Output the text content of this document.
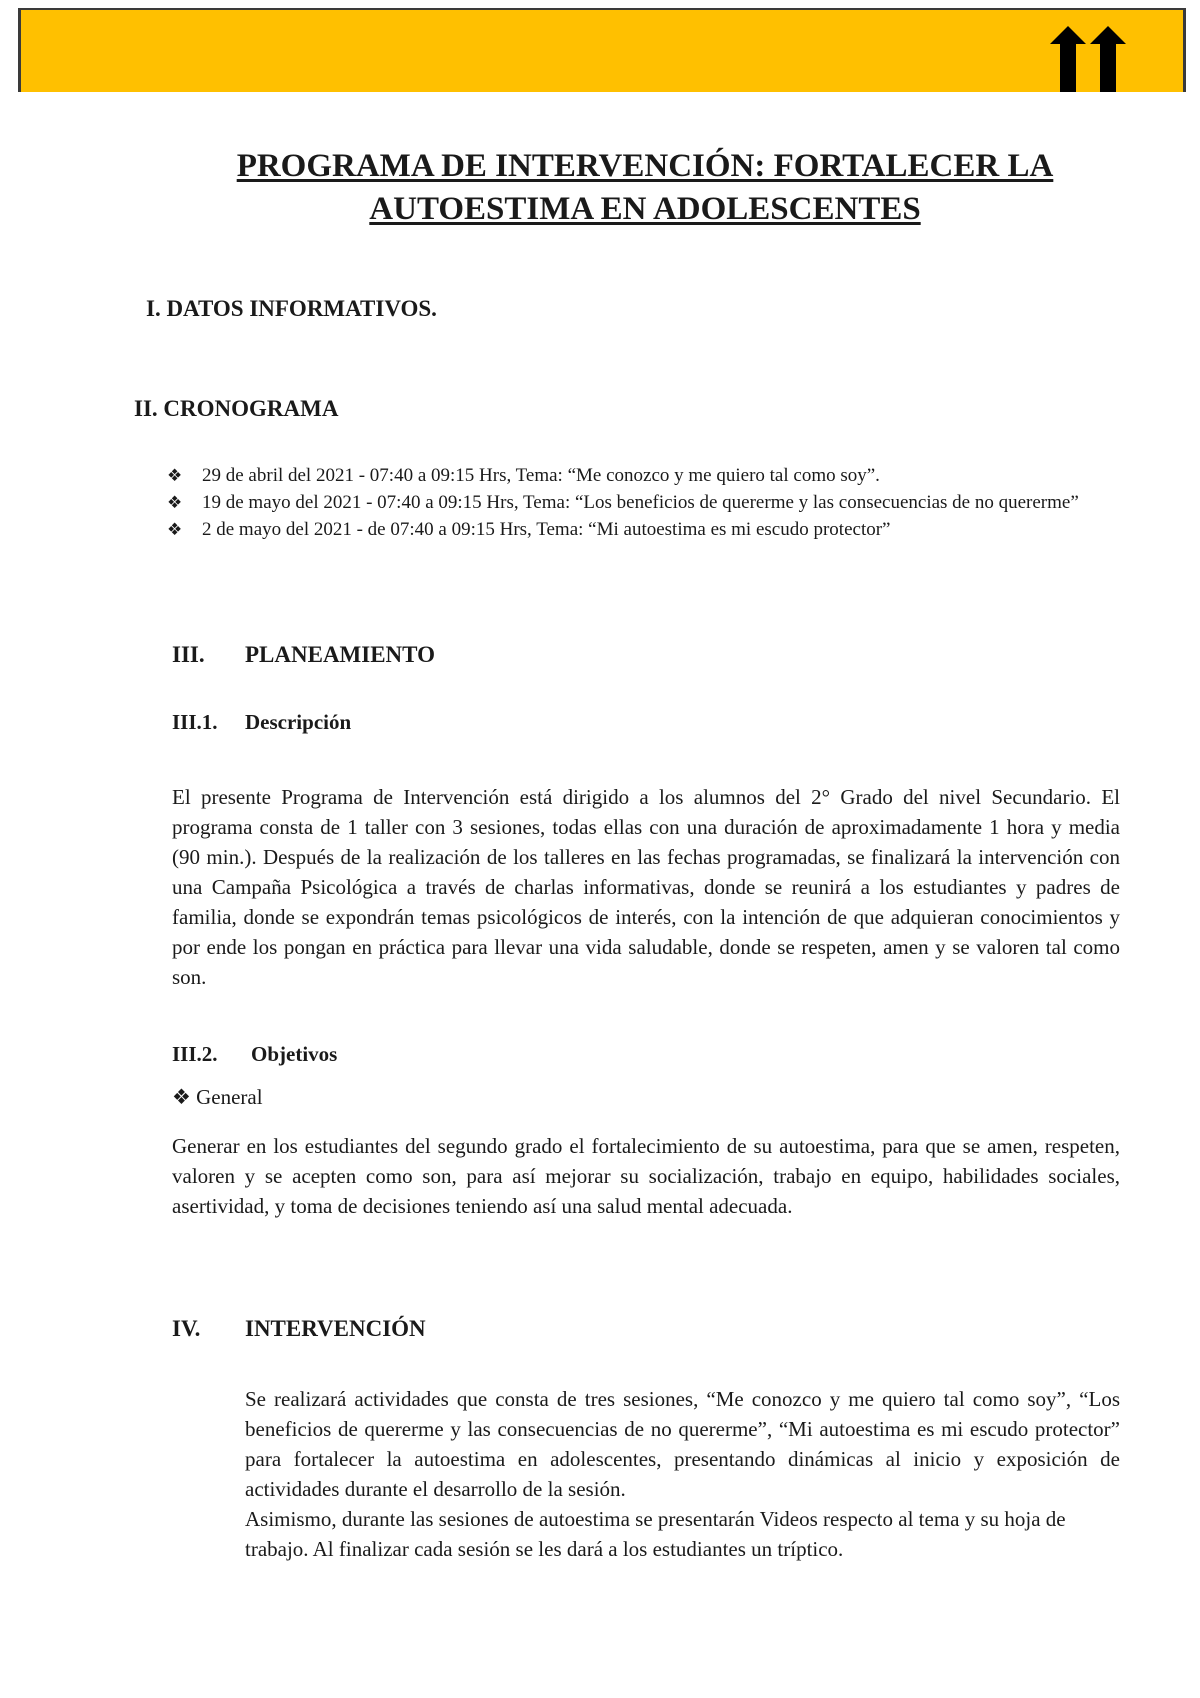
PROGRAMA DE INTERVENCIÓN: FORTALECER LA AUTOESTIMA EN ADOLESCENTES
I. DATOS INFORMATIVOS.
II. CRONOGRAMA
❖ 29 de abril del 2021 - 07:40 a 09:15 Hrs, Tema: “Me conozco y me quiero tal como soy”.
❖ 19 de mayo del 2021 - 07:40 a 09:15 Hrs, Tema: “Los beneficios de quererme y las consecuencias de no quererme”
❖ 2 de mayo del 2021 - de 07:40 a 09:15 Hrs, Tema: “Mi autoestima es mi escudo protector”
III. PLANEAMIENTO
III.1. Descripción

El presente Programa de Intervención está dirigido a los alumnos del 2° Grado del nivel Secundario. El programa consta de 1 taller con 3 sesiones, todas ellas con una duración de aproximadamente 1 hora y media (90 min.). Después de la realización de los talleres en las fechas programadas, se finalizará la intervención con una Campaña Psicológica a través de charlas informativas, donde se reunirá a los estudiantes y padres de familia, donde se expondrán temas psicológicos de interés, con la intención de que adquieran conocimientos y por ende los pongan en práctica para llevar una vida saludable, donde se respeten, amen y se valoren tal como son.

III.2. Objetivos
❖ General

Generar en los estudiantes del segundo grado el fortalecimiento de su autoestima, para que se amen, respeten, valoren y se acepten como son, para así mejorar su socialización, trabajo en equipo, habilidades sociales, asertividad, y toma de decisiones teniendo así una salud mental adecuada.

IV. INTERVENCIÓN

Se realizará actividades que consta de tres sesiones, “Me conozco y me quiero tal como soy”, “Los beneficios de quererme y las consecuencias de no quererme”, “Mi autoestima es mi escudo protector” para fortalecer la autoestima en adolescentes, presentando dinámicas al inicio y exposición de actividades durante el desarrollo de la sesión.

Asimismo, durante las sesiones de autoestima se presentarán Videos respecto al tema y su hoja de trabajo. Al finalizar cada sesión se les dará a los estudiantes un tríptico.
